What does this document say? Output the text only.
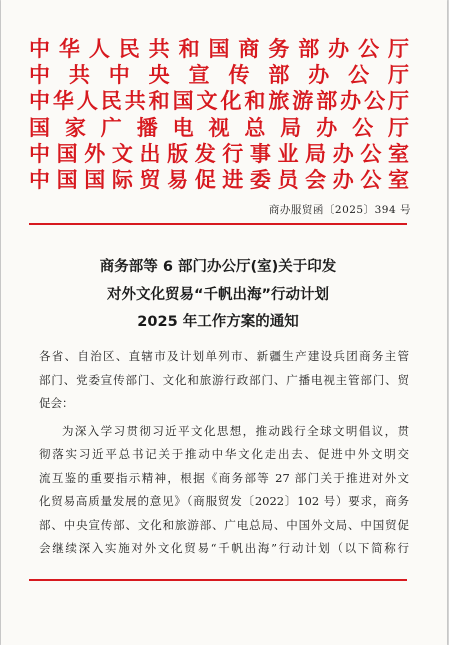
中华人民共和国商务部办公厅
中共中央宣传部办公厅
中华人民共和国文化和旅游部办公厅
国家广播电视总局办公厅
中国外文出版发行事业局办公室
中国国际贸易促进委员会办公室
商办服贸函〔2025〕394 号
商务部等 6 部门办公厅(室)关于印发
对外文化贸易“千帆出海”行动计划
2025 年工作方案的通知
各省、自治区、直辖市及计划单列市、新疆生产建设兵团商务主管
部门、党委宣传部门、文化和旅游行政部门、广播电视主管部门、贸
促会：
为深入学习贯彻习近平文化思想，推动践行全球文明倡议，贯
彻落实习近平总书记关于推动中华文化走出去、促进中外文明交
流互鉴的重要指示精神，根据《商务部等 27 部门关于推进对外文
化贸易高质量发展的意见》（商服贸发〔2022〕102 号）要求，商务
部、中央宣传部、文化和旅游部、广电总局、中国外文局、中国贸促
会继续深入实施对外文化贸易“千帆出海”行动计划（以下简称行
